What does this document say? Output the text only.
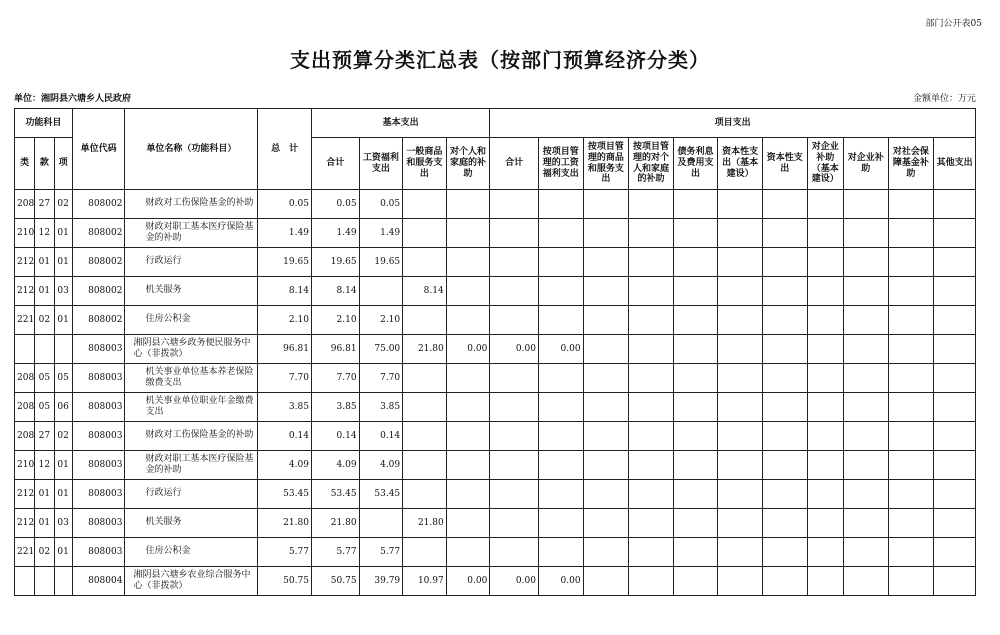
部门公开表05
支出预算分类汇总表（按部门预算经济分类）
单位：湘阴县六塘乡人民政府	金额单位：万元
功能科目			单位代码	单位名称（功能科目）	总　计	基本支出				项目支出										
类	款	项				合计	工资福利支出	一般商品和服务支出	对个人和家庭的补助	合计	按项目管理的工资福利支出	按项目管理的商品和服务支出	按项目管理的对个人和家庭的补助	债务利息及费用支出	资本性支出（基本建设）	资本性支出	对企业补助（基本建设）	对企业补助	对社会保障基金补助	其他支出
208	27	02	808002	财政对工伤保险基金的补助	0.05	0.05	0.05													
210	12	01	808002	财政对职工基本医疗保险基金的补助	1.49	1.49	1.49													
212	01	01	808002	行政运行	19.65	19.65	19.65													
212	01	03	808002	机关服务	8.14	8.14		8.14												
221	02	01	808002	住房公积金	2.10	2.10	2.10													
			808003	湘阴县六塘乡政务便民服务中心（非拨款）	96.81	96.81	75.00	21.80	0.00	0.00	0.00									
208	05	05	808003	机关事业单位基本养老保险缴费支出	7.70	7.70	7.70													
208	05	06	808003	机关事业单位职业年金缴费支出	3.85	3.85	3.85													
208	27	02	808003	财政对工伤保险基金的补助	0.14	0.14	0.14													
210	12	01	808003	财政对职工基本医疗保险基金的补助	4.09	4.09	4.09													
212	01	01	808003	行政运行	53.45	53.45	53.45													
212	01	03	808003	机关服务	21.80	21.80		21.80												
221	02	01	808003	住房公积金	5.77	5.77	5.77													
			808004	湘阴县六塘乡农业综合服务中心（非拨款）	50.75	50.75	39.79	10.97	0.00	0.00	0.00									
